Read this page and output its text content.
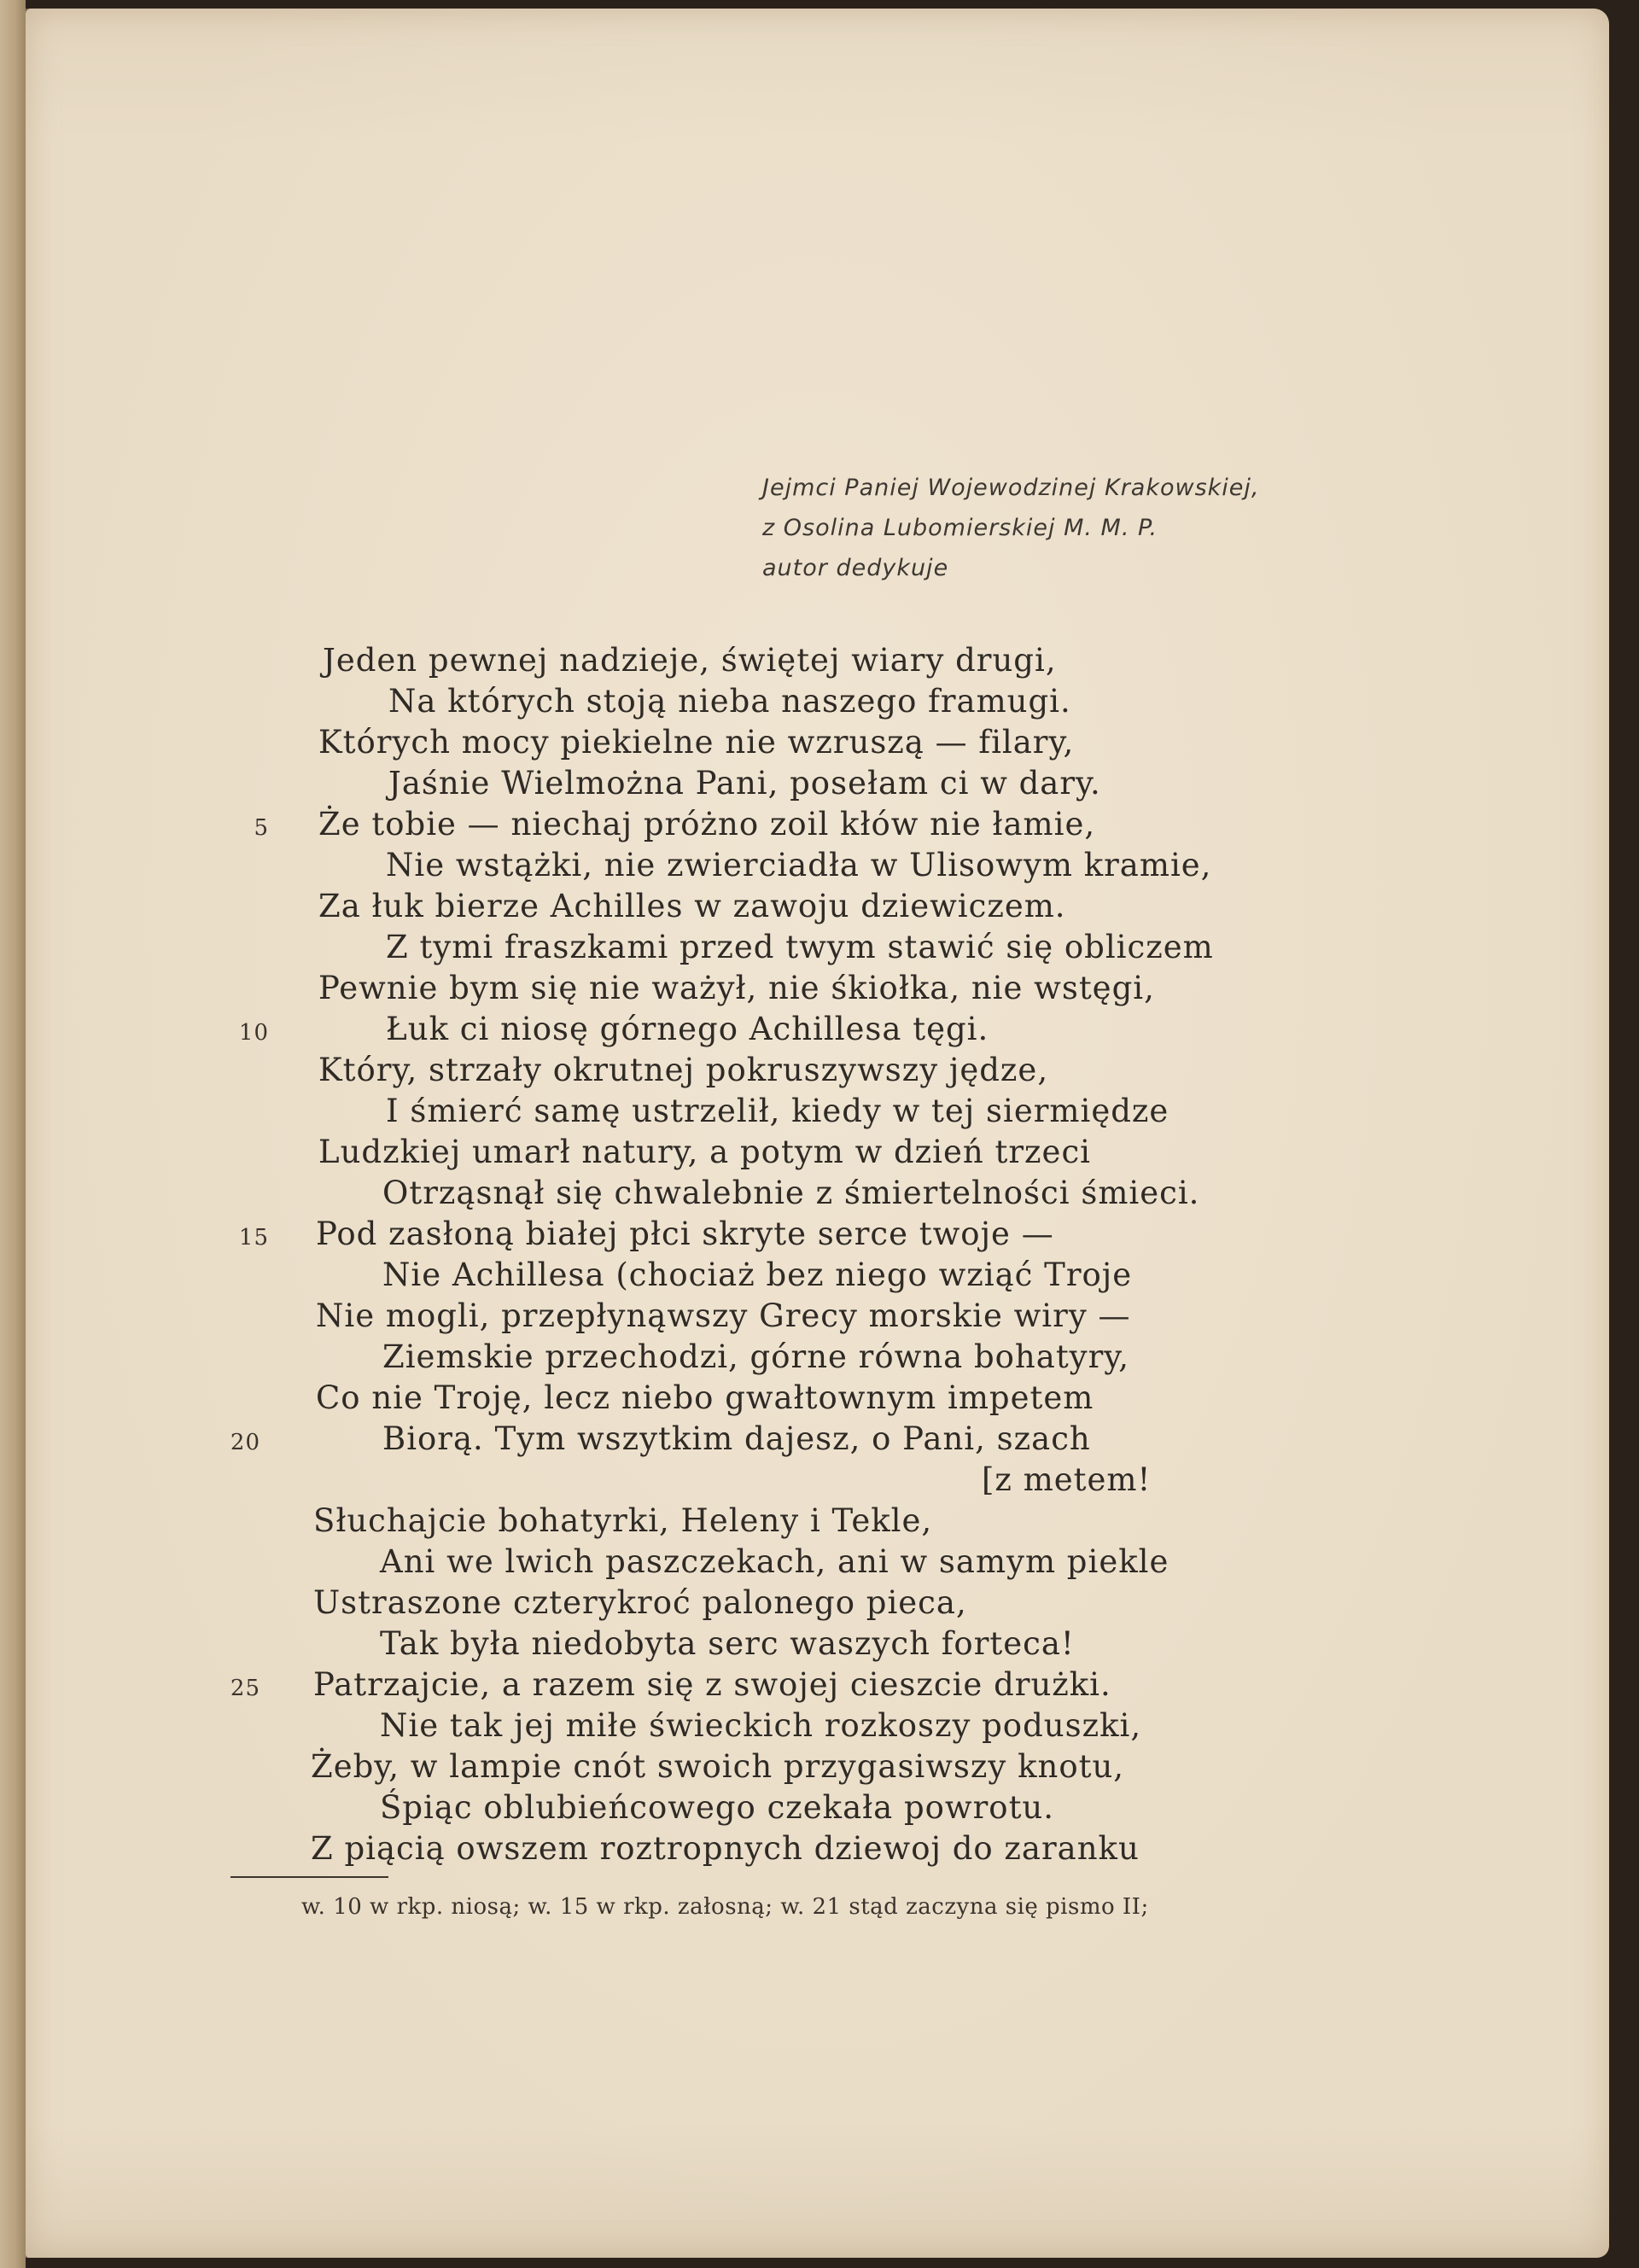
Jejmci Paniej Wojewodzinej Krakowskiej,
z Osolina Lubomierskiej M. M. P.
autor dedykuje
Jeden pewnej nadzieje, świętej wiary drugi,
Na których stoją nieba naszego framugi.
Których mocy piekielne nie wzruszą — filary,
Jaśnie Wielmożna Pani, posełam ci w dary.
5 Że tobie — niechaj próżno zoil kłów nie łamie,
Nie wstążki, nie zwierciadła w Ulisowym kramie,
Za łuk bierze Achilles w zawoju dziewiczem.
Z tymi fraszkami przed twym stawić się obliczem
Pewnie bym się nie ważył, nie śkiołka, nie wstęgi,
10	Łuk ci niosę górnego Achillesa tęgi.
Który, strzały okrutnej pokruszywszy jędze,
I śmierć samę ustrzelił, kiedy w tej siermiędze
Ludzkiej umarł natury, a potym w dzień trzeci
Otrząsnął się chwalebnie z śmiertelności śmieci.
15 Pod zasłoną białej płci skryte serce twoje —
Nie Achillesa (chociaż bez niego wziąć Troje
Nie mogli, przepłynąwszy Grecy morskie wiry —
Ziemskie przechodzi, górne równa bohatyry,
Co nie Troję, lecz niebo gwałtownym impetem
20	Biorą. Tym wszytkim dajesz, o Pani, szach
[z metem!
Słuchajcie bohatyrki, Heleny i Tekle,
Ani we lwich paszczekach, ani w samym piekle
Ustraszone czterykroć palonego pieca,
Tak była niedobyta serc waszych forteca!
25 Patrzajcie, a razem się z swojej cieszcie drużki.
Nie tak jej miłe świeckich rozkoszy poduszki,
Żeby, w lampie cnót swoich przygasiwszy knotu,
Śpiąc oblubieńcowego czekała powrotu.
Z piącią owszem roztropnych dziewoj do zaranku
w. 10 w rkp. niosą; w. 15 w rkp. załosną; w. 21 stąd zaczyna się pismo II;
